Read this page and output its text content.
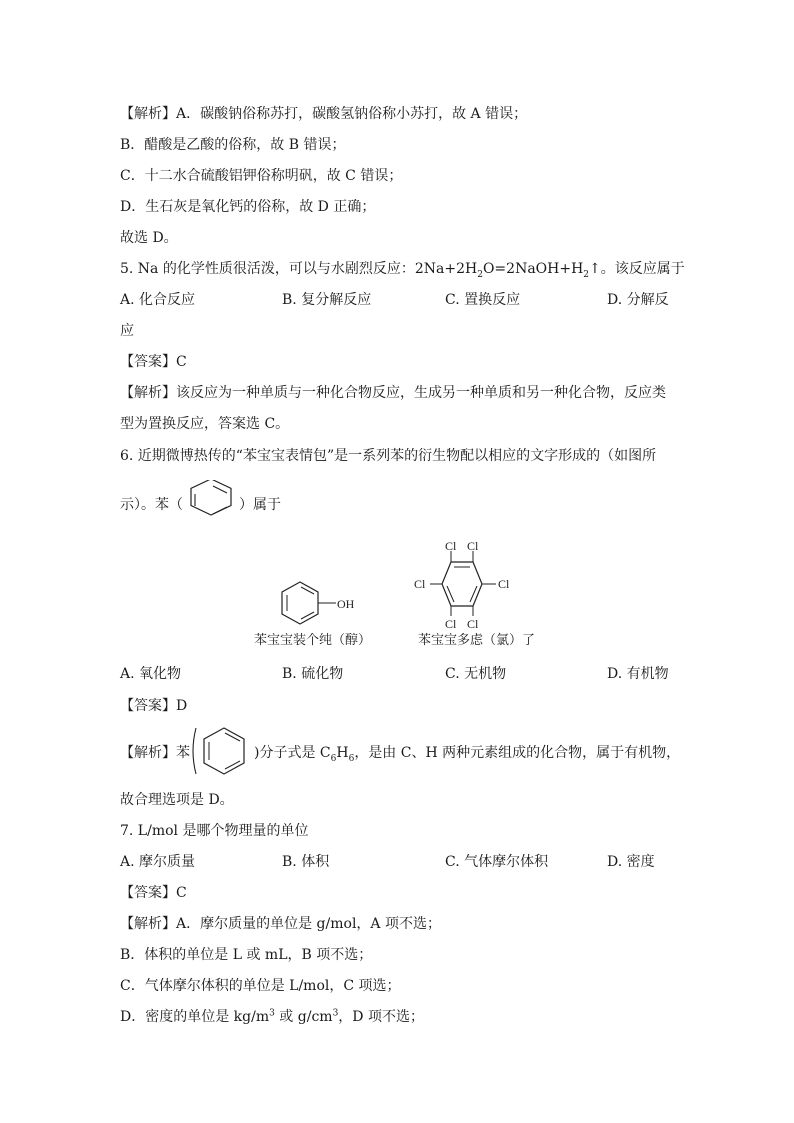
【解析】A．碳酸钠俗称苏打，碳酸氢钠俗称小苏打，故 A 错误；
B．醋酸是乙酸的俗称，故 B 错误；
C．十二水合硫酸铝钾俗称明矾，故 C 错误；
D．生石灰是氧化钙的俗称，故 D 正确；
故选 D。
5. Na 的化学性质很活泼，可以与水剧烈反应：$2Na+2H_2O=2NaOH+H_2↑$。该反应属于
A. 化合反应	B. 复分解反应	C. 置换反应	D. 分解反
应
【答案】C
【解析】该反应为一种单质与一种化合物反应，生成另一种单质和另一种化合物，反应类
型为置换反应，答案选 C。
6. 近期微博热传的“苯宝宝表情包”是一系列苯的衍生物配以相应的文字形成的（如图所
示）。苯（	）属于
OH
Cl Cl
Cl
Cl
Cl Cl
苯宝宝装个纯（醇）	苯宝宝多虑（氯）了
A. 氧化物	B. 硫化物	C. 无机物	D. 有机物
【答案】D
【解析】苯	)分子式是 $C_6H_6$，是由 C、H 两种元素组成的化合物，属于有机物，
故合理选项是 D。
7. L/mol 是哪个物理量的单位
A. 摩尔质量	B. 体积	C. 气体摩尔体积	D. 密度
【答案】C
【解析】A．摩尔质量的单位是 g/mol，A 项不选；
B．体积的单位是 L 或 mL，B 项不选；
C．气体摩尔体积的单位是 L/mol，C 项选；
D．密度的单位是 $kg/m^3$ 或 $g/cm^3$，D 项不选；
